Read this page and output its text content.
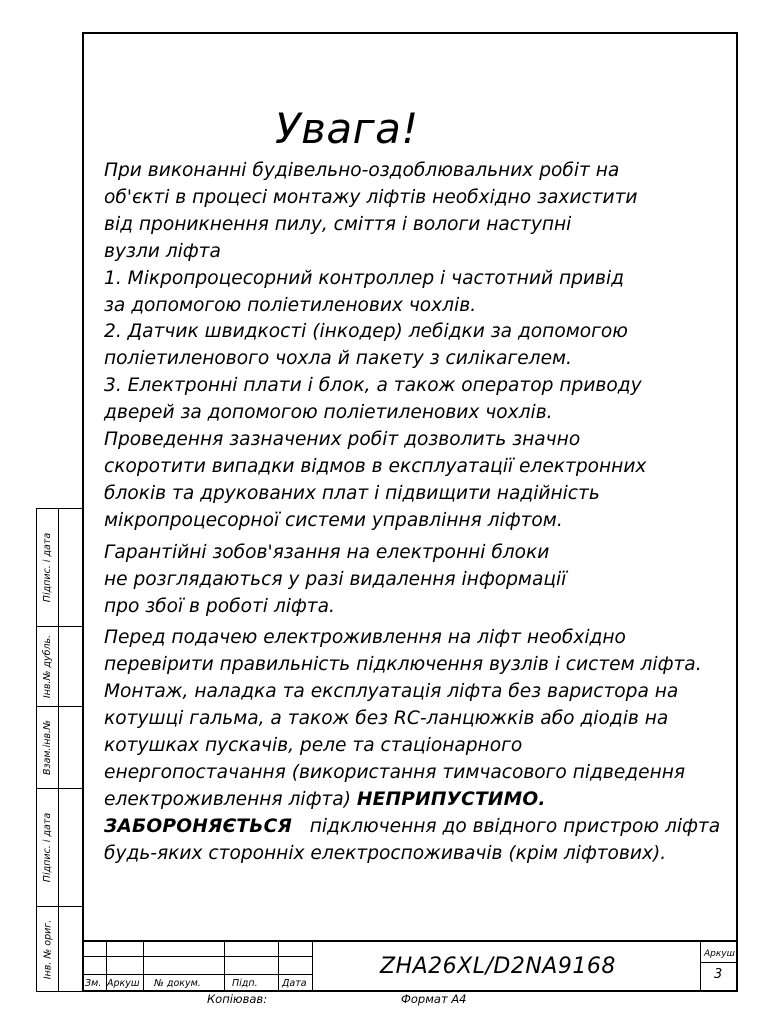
Підпис. і дата
Інв.№ дубль.
Взам.інв.№
Підпис. і дата
Інв. № ориг.
Увага!

При виконанні будівельно-оздоблювальних робіт на

об'єкті в процесі монтажу ліфтів необхідно захистити

від проникнення пилу, сміття і вологи наступні

вузли ліфта

1. Мікропроцесорний контроллер і частотний привід

за допомогою поліетиленових чохлів.

2. Датчик швидкості (інкодер) лебідки за допомогою

поліетиленового чохла й пакету з силікагелем.

3. Електронні плати і блок, а також оператор приводу

дверей за допомогою поліетиленових чохлів.

Проведення зазначених робіт дозволить значно

скоротити випадки відмов в експлуатації електронних

блоків та друкованих плат і підвищити надійність

мікропроцесорної системи управління ліфтом.

Гарантійні зобов'язання на електронні блоки

не розглядаються у разі видалення інформації

про збої в роботі ліфта.

Перед подачею електроживлення на ліфт необхідно

перевірити правильність підключення вузлів і систем ліфта.

Монтаж, наладка та експлуатація ліфта без варистора на

котушці гальма, а також без RC-ланцюжків або діодів на

котушках пускачів, реле та стаціонарного

енергопостачання (використання тимчасового підведення

електроживлення ліфта) НЕПРИПУСТИМО.

ЗАБОРОНЯЄТЬСЯ   підключення до ввідного пристрою ліфта

будь-яких сторонніх електроспоживачів (крім ліфтових).

Зм. Аркуш № докум.	Підп.	Дата
ZHA26XL/D2NA9168	Аркуш
3
Копіював:	Формат А4
